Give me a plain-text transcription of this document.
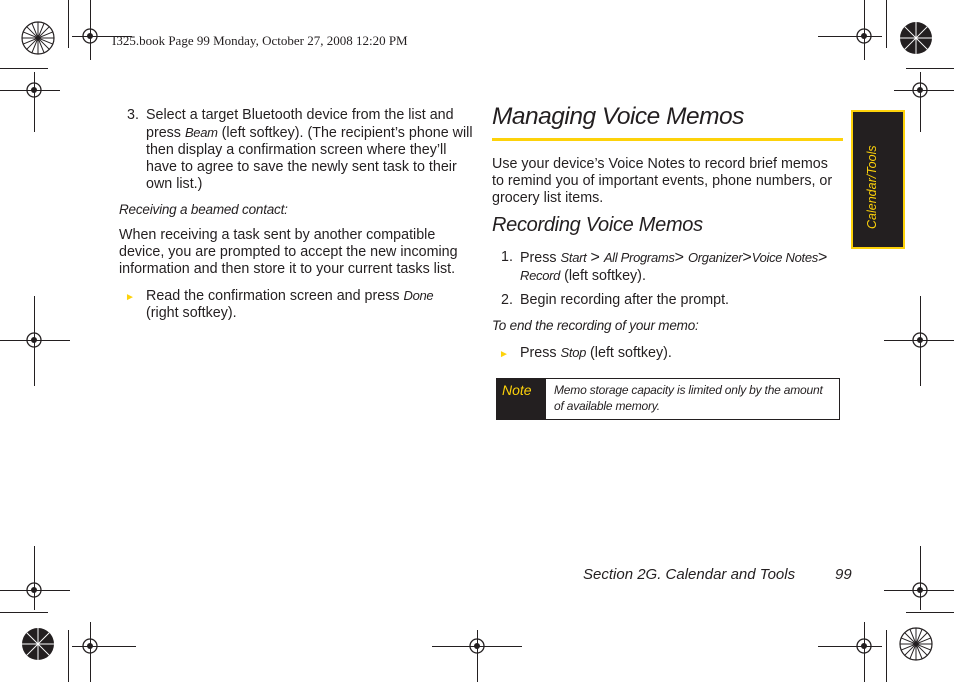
I325.book Page 99 Monday, October 27, 2008 12:20 PM
3. Select a target Bluetooth device from the list and
press Beam (left softkey). (The recipient’s phone will
then display a confirmation screen where they’ll
have to agree to save the newly sent task to their
own list.)
Receiving a beamed contact:
When receiving a task sent by another compatible
device, you are prompted to accept the new incoming
information and then store it to your current tasks list.
► Read the confirmation screen and press Done
(right softkey).
Managing Voice Memos
Use your device’s Voice Notes to record brief memos
to remind you of important events, phone numbers, or
grocery list items.
Recording Voice Memos
1. Press Start > All Programs> Organizer>Voice Notes>
Record (left softkey).
2. Begin recording after the prompt.
To end the recording of your memo:
► Press Stop (left softkey).
Note Memo storage capacity is limited only by the amount
of available memory.
Calendar/Tools
Section 2G. Calendar and Tools	99
